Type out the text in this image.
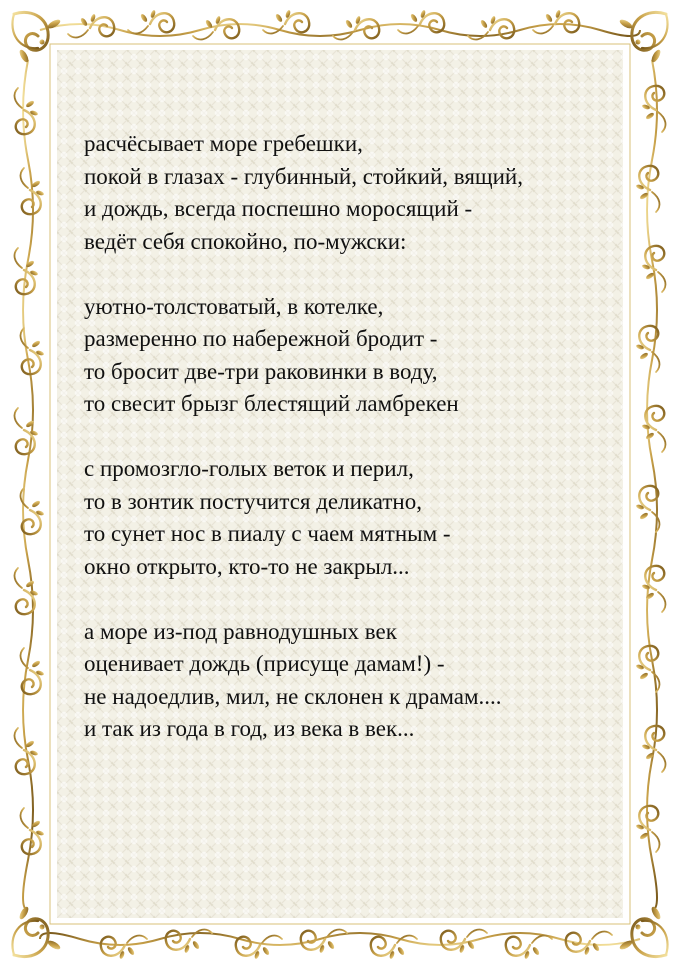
расчёсывает море гребешки,
покой в глазах - глубинный, стойкий, вящий,
и дождь, всегда поспешно моросящий -
ведёт себя спокойно, по-мужски:
уютно-толстоватый, в котелке,
размеренно по набережной бродит -
то бросит две-три раковинки в воду,
то свесит брызг блестящий ламбрекен
с промозгло-голых веток и перил,
то в зонтик постучится деликатно,
то сунет нос в пиалу с чаем мятным -
окно открыто, кто-то не закрыл...
а море из-под равнодушных век
оценивает дождь (присуще дамам!) -
не надоедлив, мил, не склонен к драмам....
и так из года в год, из века в век...
